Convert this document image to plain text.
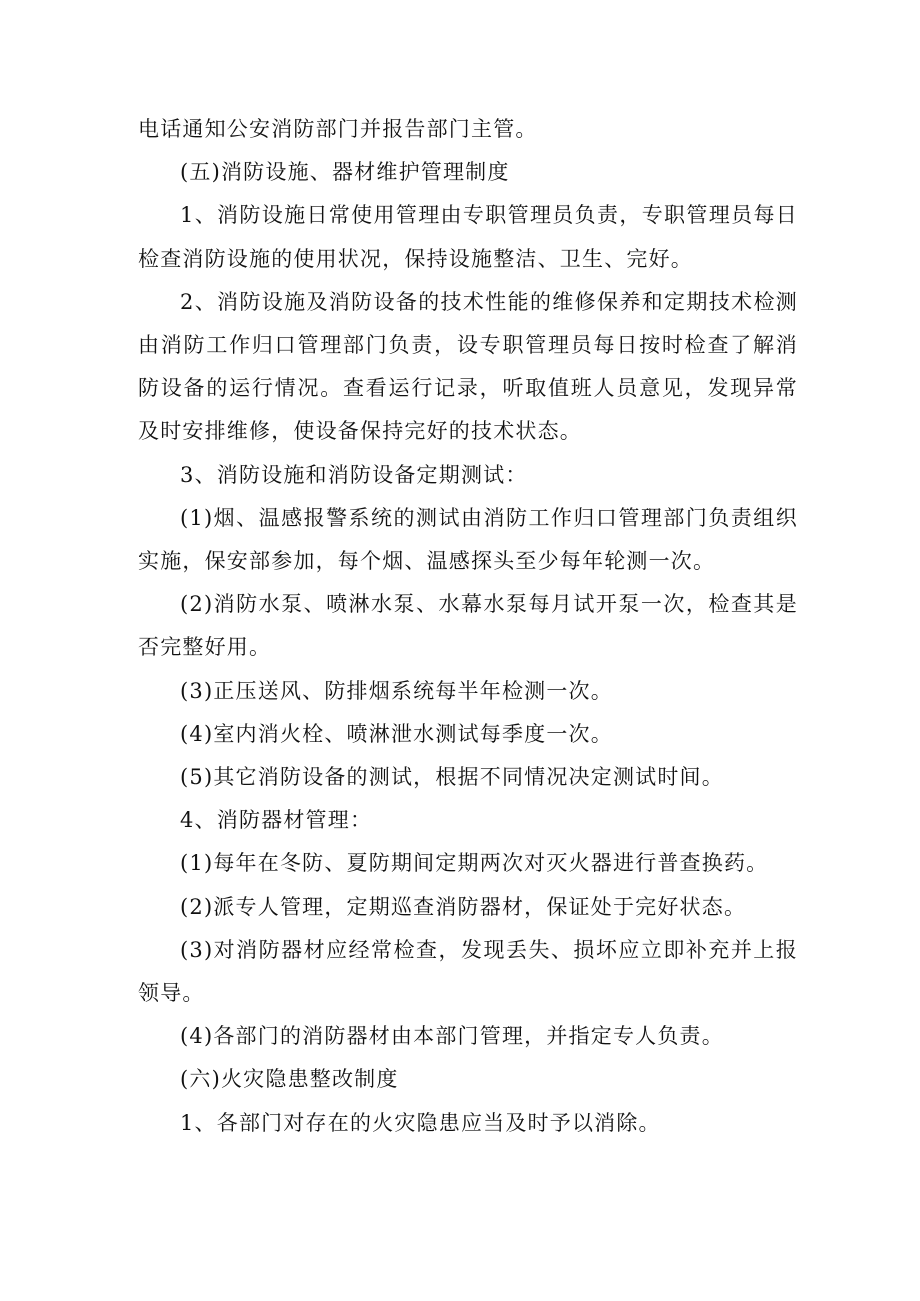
电话通知公安消防部门并报告部门主管。

(五)消防设施、器材维护管理制度

1、消防设施日常使用管理由专职管理员负责，专职管理员每日检查消防设施的使用状况，保持设施整洁、卫生、完好。

2、消防设施及消防设备的技术性能的维修保养和定期技术检测由消防工作归口管理部门负责，设专职管理员每日按时检查了解消防设备的运行情况。查看运行记录，听取值班人员意见，发现异常及时安排维修，使设备保持完好的技术状态。

3、消防设施和消防设备定期测试：

(1)烟、温感报警系统的测试由消防工作归口管理部门负责组织实施，保安部参加，每个烟、温感探头至少每年轮测一次。

(2)消防水泵、喷淋水泵、水幕水泵每月试开泵一次，检查其是否完整好用。

(3)正压送风、防排烟系统每半年检测一次。

(4)室内消火栓、喷淋泄水测试每季度一次。

(5)其它消防设备的测试，根据不同情况决定测试时间。

4、消防器材管理：

(1)每年在冬防、夏防期间定期两次对灭火器进行普查换药。

(2)派专人管理，定期巡查消防器材，保证处于完好状态。

(3)对消防器材应经常检查，发现丢失、损坏应立即补充并上报领导。

(4)各部门的消防器材由本部门管理，并指定专人负责。

(六)火灾隐患整改制度

1、各部门对存在的火灾隐患应当及时予以消除。
